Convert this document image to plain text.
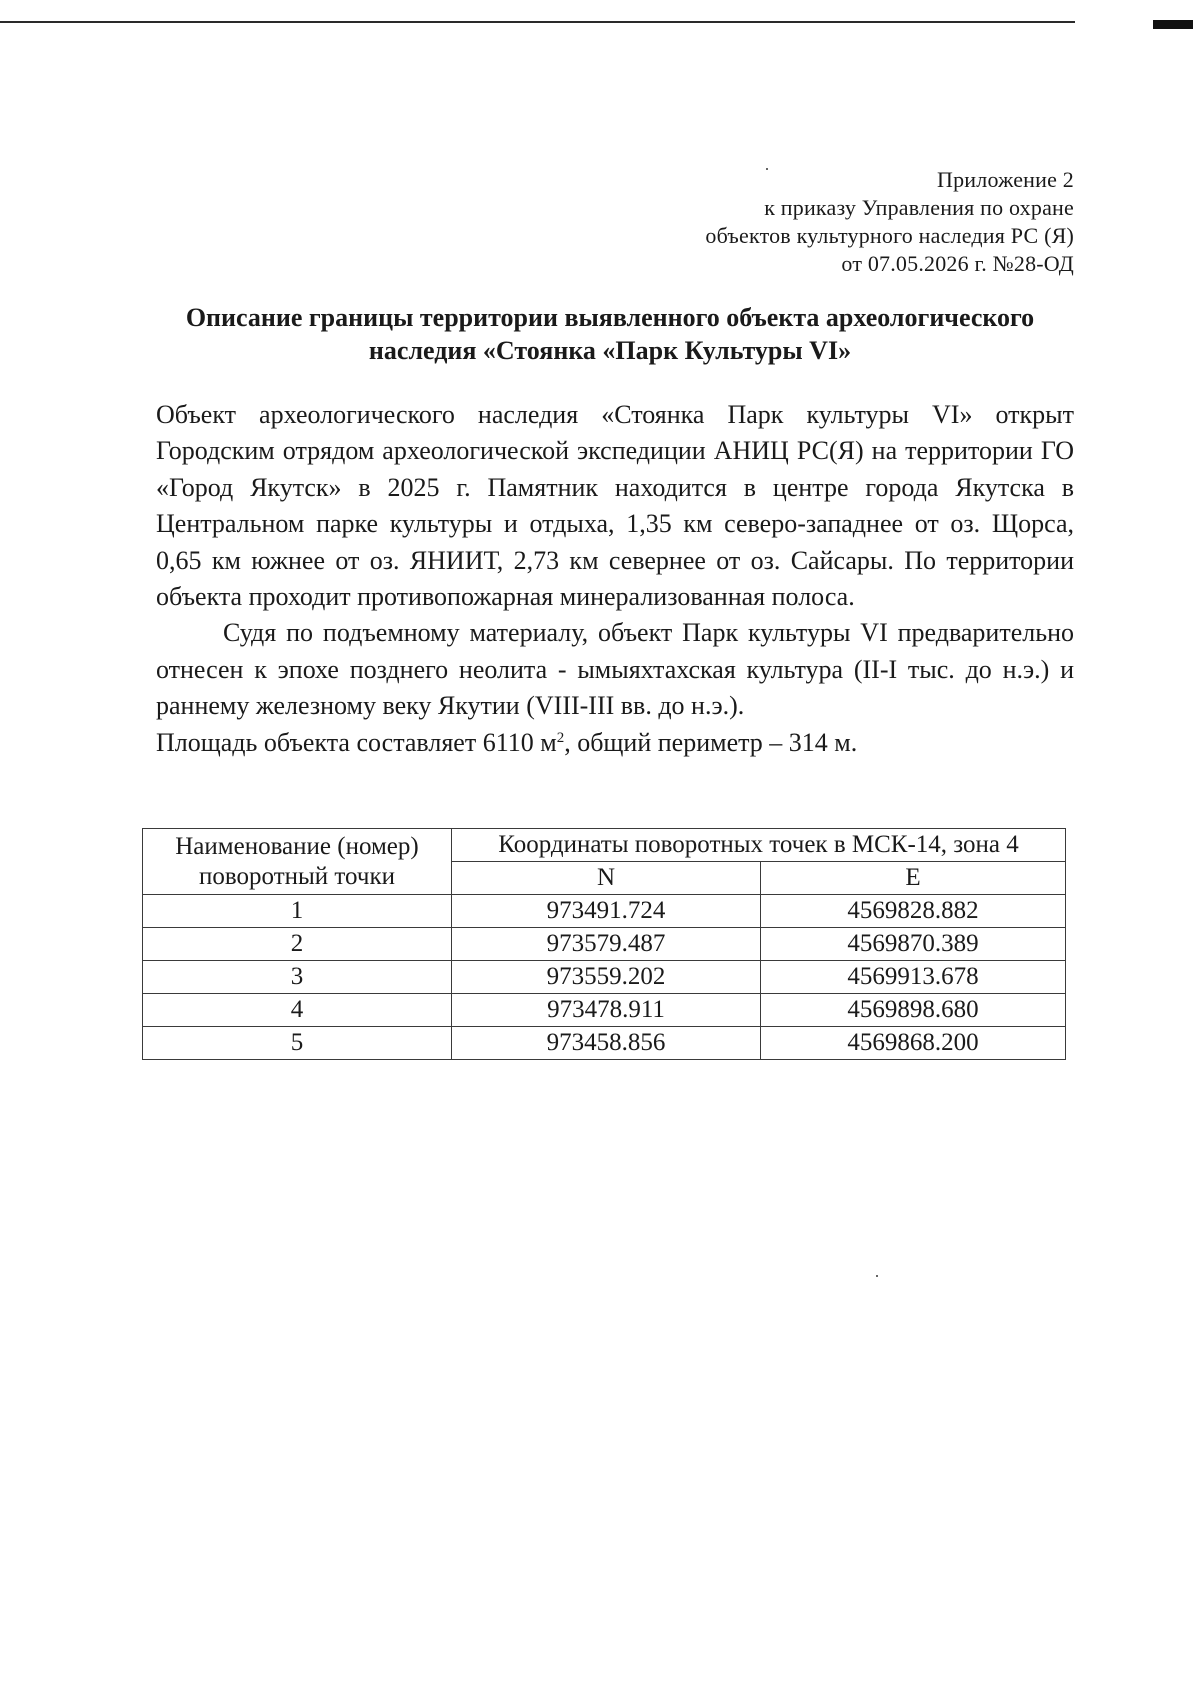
Приложение 2
к приказу Управления по охране
объектов культурного наследия РС (Я)
от 07.05.2026 г. №28-ОД
Описание границы территории выявленного объекта археологического
наследия «Стоянка «Парк Культуры VI»

Объект археологического наследия «Стоянка Парк культуры VI» открыт Городским отрядом археологической экспедиции АНИЦ РС(Я) на территории ГО «Город Якутск» в 2025 г. Памятник находится в центре города Якутска в Центральном парке культуры и отдыха, 1,35 км северо-западнее от оз. Щорса, 0,65 км южнее от оз. ЯНИИТ, 2,73 км севернее от оз. Сайсары. По территории объекта проходит противопожарная минерализованная полоса.

Судя по подъемному материалу, объект Парк культуры VI предварительно отнесен к эпохе позднего неолита - ымыяхтахская культура (II-I тыс. до н.э.) и раннему железному веку Якутии (VIII-III вв. до н.э.).

Площадь объекта составляет 6110 $м^2$, общий периметр – 314 м.

Наименование (номер) поворотный точки	Координаты поворотных точек в МСК-14, зона 4	
	N	E
1	973491.724	4569828.882
2	973579.487	4569870.389
3	973559.202	4569913.678
4	973478.911	4569898.680
5	973458.856	4569868.200
